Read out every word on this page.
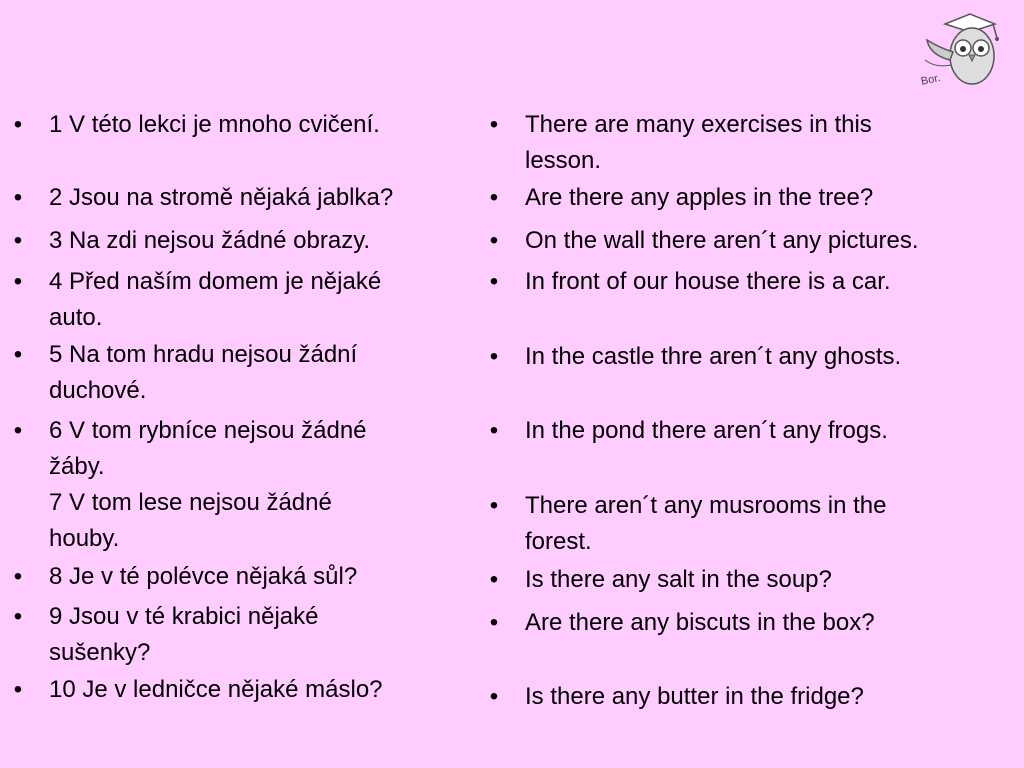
Bor.
• 1 V této lekci je mnoho cvičení.
• 2 Jsou na stromě nějaká jablka?
• 3 Na zdi nejsou žádné obrazy.
• 4 Před naším domem je nějaké
auto.
• 5 Na tom hradu nejsou žádní
duchové.
• 6 V tom rybníce nejsou žádné
žáby.
7 V tom lese nejsou žádné
houby.
• 8 Je v té polévce nějaká sůl?
• 9 Jsou v té krabici nějaké
sušenky?
• 10 Je v ledničce nějaké máslo?
• There are many exercises in this
lesson.
• Are there any apples in the tree?
• On the wall there aren´t any pictures.
• In front of our house there is a car.
• In the castle thre aren´t any ghosts.
• In the pond there aren´t any frogs.
• There aren´t any musrooms in the
forest.
• Is there any salt in the soup?
• Are there any biscuts in the box?
• Is there any butter in the fridge?
